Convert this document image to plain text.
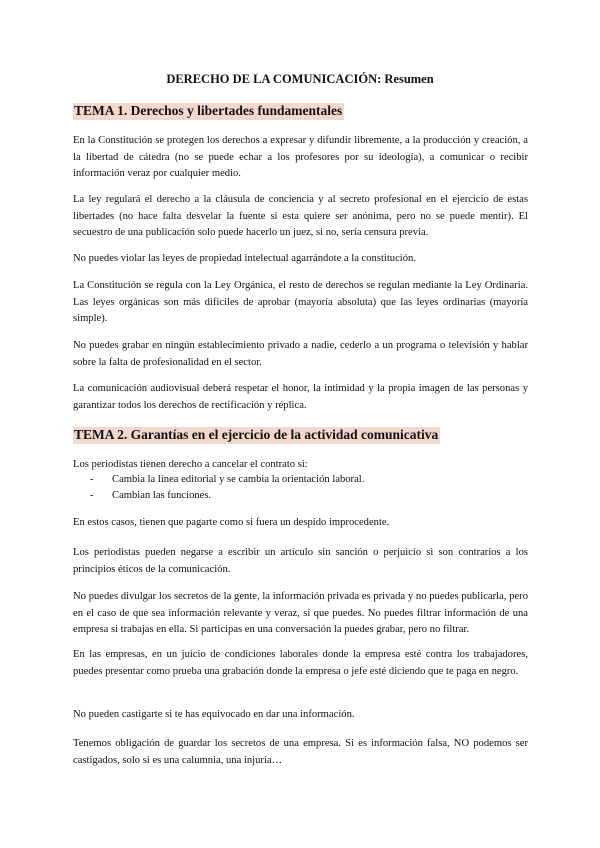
DERECHO DE LA COMUNICACIÓN: Resumen
TEMA 1. Derechos y libertades fundamentales

En la Constitución se protegen los derechos a expresar y difundir libremente, a la producción y creación, a la libertad de cátedra (no se puede echar a los profesores por su ideología), a comunicar o recibir información veraz por cualquier medio.

La ley regulará el derecho a la cláusula de conciencia y al secreto profesional en el ejercicio de estas libertades (no hace falta desvelar la fuente si esta quiere ser anónima, pero no se puede mentir). El secuestro de una publicación solo puede hacerlo un juez, si no, sería censura previa.

No puedes violar las leyes de propiedad intelectual agarrándote a la constitución.

La Constitución se regula con la Ley Orgánica, el resto de derechos se regulan mediante la Ley Ordinaria. Las leyes orgánicas son más difíciles de aprobar (mayoría absoluta) que las leyes ordinarias (mayoría simple).

No puedes grabar en ningún establecimiento privado a nadie, cederlo a un programa o televisión y hablar sobre la falta de profesionalidad en el sector.

La comunicación audiovisual deberá respetar el honor, la intimidad y la propia imagen de las personas y garantizar todos los derechos de rectificación y réplica.

TEMA 2. Garantías en el ejercicio de la actividad comunicativa

Los periodistas tienen derecho a cancelar el contrato si:

- Cambia la línea editorial y se cambia la orientación laboral.
- Cambian las funciones.

En estos casos, tienen que pagarte como si fuera un despido improcedente.

Los periodistas pueden negarse a escribir un artículo sin sanción o perjuicio si son contrarios a los principios éticos de la comunicación.

No puedes divulgar los secretos de la gente, la información privada es privada y no puedes publicarla, pero en el caso de que sea información relevante y veraz, sí que puedes. No puedes filtrar información de una empresa si trabajas en ella. Si participas en una conversación la puedes grabar, pero no filtrar.

En las empresas, en un juicio de condiciones laborales donde la empresa esté contra los trabajadores, puedes presentar como prueba una grabación donde la empresa o jefe esté diciendo que te paga en negro.

No pueden castigarte si te has equivocado en dar una información.

Tenemos obligación de guardar los secretos de una empresa. Si es información falsa, NO podemos ser castigados, solo si es una calumnia, una injuria…
